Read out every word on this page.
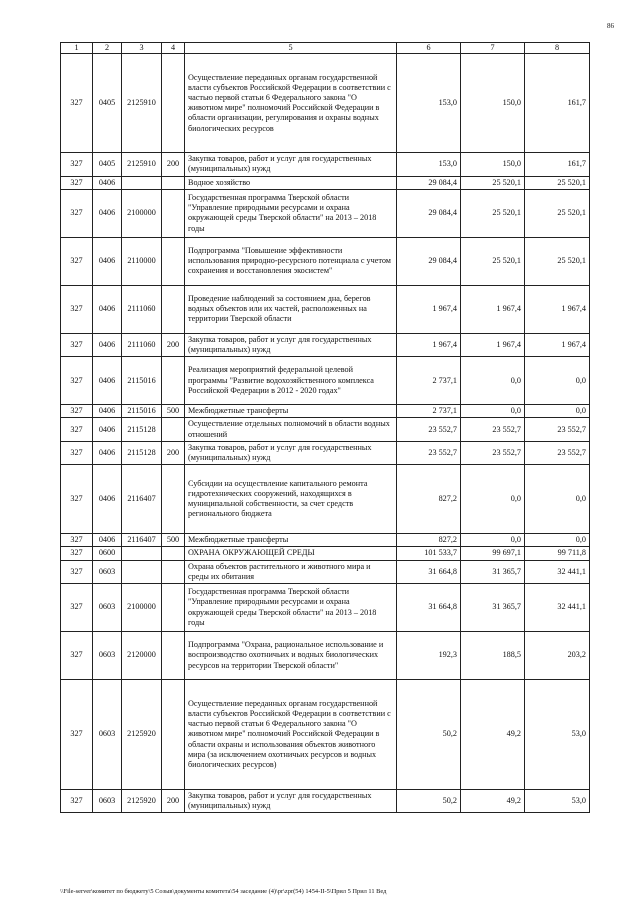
86
1	2	3	4	5	6	7	8
327	0405	2125910		Осуществление переданных органам государственной власти субъектов Российской Федерации в соответствии с частью первой статьи 6 Федерального закона "О животном мире" полномочий Российской Федерации в области организации, регулирования и охраны водных биологических ресурсов	153,0	150,0	161,7
327	0405	2125910	200	Закупка товаров, работ и услуг для государственных (муниципальных) нужд	153,0	150,0	161,7
327	0406			Водное хозяйство	29 084,4	25 520,1	25 520,1
327	0406	2100000		Государственная программа Тверской области "Управление природными ресурсами и охрана окружающей среды Тверской области" на 2013 – 2018 годы	29 084,4	25 520,1	25 520,1
327	0406	2110000		Подпрограмма "Повышение эффективности использования природно-ресурсного потенциала с учетом сохранения и восстановления экосистем"	29 084,4	25 520,1	25 520,1
327	0406	2111060		Проведение наблюдений за состоянием дна, берегов водных объектов или их частей, расположенных на территории Тверской области	1 967,4	1 967,4	1 967,4
327	0406	2111060	200	Закупка товаров, работ и услуг для государственных (муниципальных) нужд	1 967,4	1 967,4	1 967,4
327	0406	2115016		Реализация мероприятий федеральной целевой программы "Развитие водохозяйственного комплекса Российской Федерации в 2012 - 2020 годах"	2 737,1	0,0	0,0
327	0406	2115016	500	Межбюджетные трансферты	2 737,1	0,0	0,0
327	0406	2115128		Осуществление отдельных полномочий в области водных отношений	23 552,7	23 552,7	23 552,7
327	0406	2115128	200	Закупка товаров, работ и услуг для государственных (муниципальных) нужд	23 552,7	23 552,7	23 552,7
327	0406	2116407		Субсидии на осуществление капитального ремонта гидротехнических сооружений, находящихся в муниципальной собственности, за счет средств регионального бюджета	827,2	0,0	0,0
327	0406	2116407	500	Межбюджетные трансферты	827,2	0,0	0,0
327	0600			ОХРАНА ОКРУЖАЮЩЕЙ СРЕДЫ	101 533,7	99 697,1	99 711,8
327	0603			Охрана объектов растительного и животного мира и среды их обитания	31 664,8	31 365,7	32 441,1
327	0603	2100000		Государственная программа Тверской области "Управление природными ресурсами и охрана окружающей среды Тверской области" на 2013 – 2018 годы	31 664,8	31 365,7	32 441,1
327	0603	2120000		Подпрограмма "Охрана, рациональное использование и воспроизводство охотничьих и водных биологических ресурсов на территории Тверской области"	192,3	188,5	203,2
327	0603	2125920		Осуществление переданных органам государственной власти субъектов Российской Федерации в соответствии с частью первой статьи 6 Федерального закона "О животном мире" полномочий Российской Федерации в области охраны и использования объектов животного мира (за исключением охотничьих ресурсов и водных биологических ресурсов)	50,2	49,2	53,0
327	0603	2125920	200	Закупка товаров, работ и услуг для государственных (муниципальных) нужд	50,2	49,2	53,0
\\File-server\комитет по бюджету\5 Созыв\документы комитета\54 заседание (4)\pr\zpr(54) 1454-II-5\Прил 5 Прил 11 Вед
